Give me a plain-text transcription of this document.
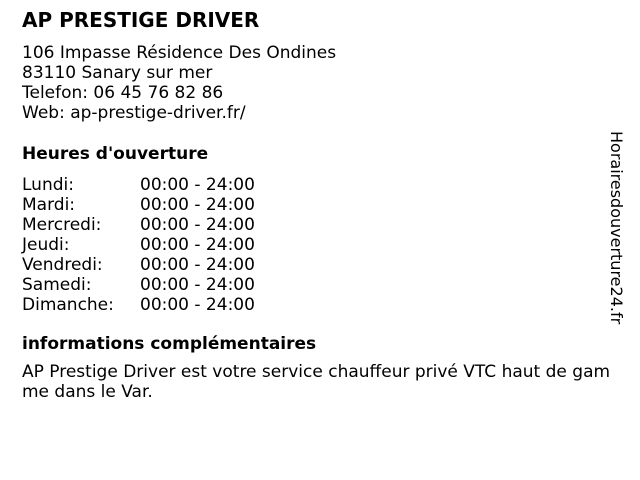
AP PRESTIGE DRIVER
106 Impasse Résidence Des Ondines
83110 Sanary sur mer
Telefon: 06 45 76 82 86
Web: ap-prestige-driver.fr/
Heures d'ouverture
Lundi:	00:00 - 24:00
Mardi:	00:00 - 24:00
Mercredi:	00:00 - 24:00
Jeudi:	00:00 - 24:00
Vendredi:	00:00 - 24:00
Samedi:	00:00 - 24:00
Dimanche:	00:00 - 24:00
informations complémentaires
AP Prestige Driver est votre service chauffeur privé VTC haut de gam
me dans le Var.
Horairesdouverture24.fr
